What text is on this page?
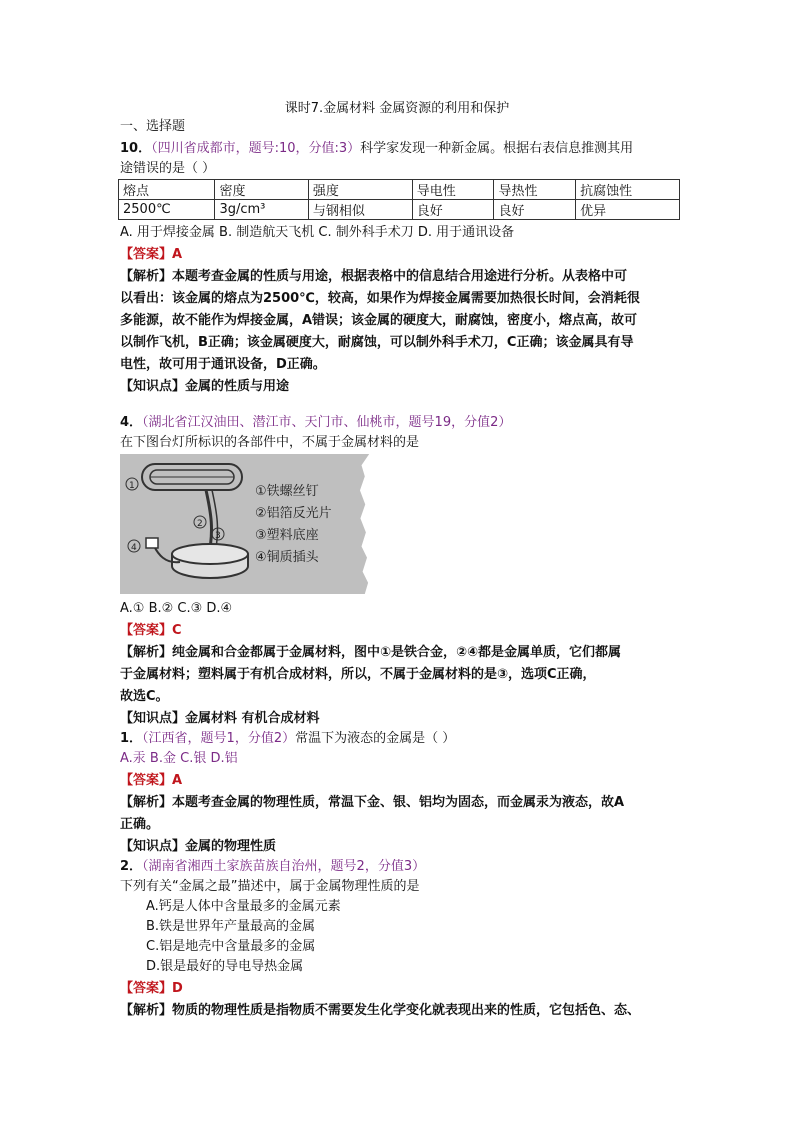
课时7.金属材料 金属资源的利用和保护
一、选择题
10．（四川省成都市，题号:10，分值:3）科学家发现一种新金属。根据右表信息推测其用
途错误的是（ ）
熔点	密度	强度	导电性	导热性	抗腐蚀性
2500℃	3g/cm³	与钢相似	良好	良好	优异
A. 用于焊接金属 B. 制造航天飞机 C. 制外科手术刀 D. 用于通讯设备
【答案】A
【解析】本题考查金属的性质与用途，根据表格中的信息结合用途进行分析。从表格中可
以看出：该金属的熔点为2500℃，较高，如果作为焊接金属需要加热很长时间，会消耗很
多能源，故不能作为焊接金属，A错误；该金属的硬度大，耐腐蚀，密度小，熔点高，故可
以制作飞机，B正确；该金属硬度大，耐腐蚀，可以制外科手术刀，C正确；该金属具有导
电性，故可用于通讯设备，D正确。
【知识点】金属的性质与用途
4．（湖北省江汉油田、潜江市、天门市、仙桃市，题号19，分值2）
在下图台灯所标识的各部件中，不属于金属材料的是
1
2
3
4
①铁螺丝钉
②铝箔反光片
③塑料底座
④铜质插头
A.① B.② C.③ D.④
【答案】C
【解析】纯金属和合金都属于金属材料，图中①是铁合金，②④都是金属单质，它们都属
于金属材料；塑料属于有机合成材料，所以，不属于金属材料的是③，选项C正确，
故选C。
【知识点】金属材料 有机合成材料
1．（江西省，题号1，分值2）常温下为液态的金属是（ ）
A.汞 B.金 C.银 D.铝
【答案】A
【解析】本题考查金属的物理性质，常温下金、银、铝均为固态，而金属汞为液态，故A
正确。
【知识点】金属的物理性质
2．（湖南省湘西土家族苗族自治州，题号2，分值3）
下列有关“金属之最”描述中，属于金属物理性质的是
A.钙是人体中含量最多的金属元素
B.铁是世界年产量最高的金属
C.铝是地壳中含量最多的金属
D.银是最好的导电导热金属
【答案】D
【解析】物质的物理性质是指物质不需要发生化学变化就表现出来的性质，它包括色、态、
